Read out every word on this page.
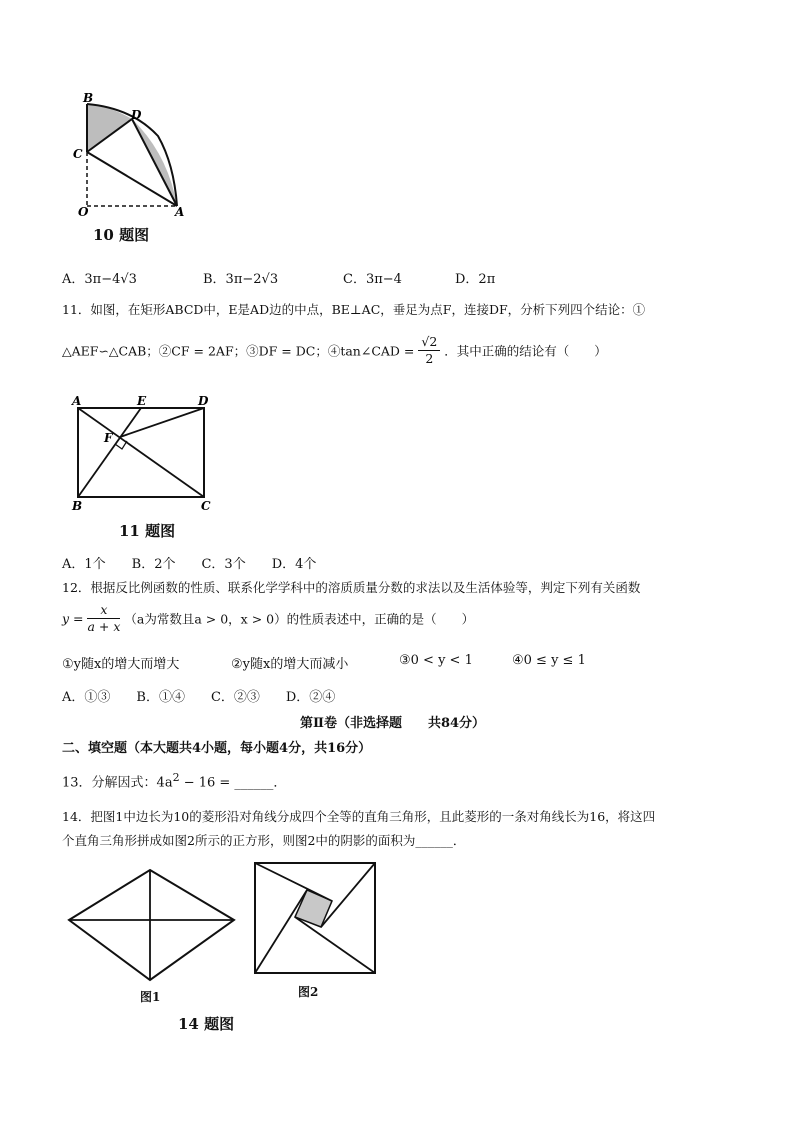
B
D
C
O	A
10 题图
A．3π−4√3	B．3π−2√3	C．3π−4	D．2π
11．如图，在矩形ABCD中，E是AD边的中点，BE⊥AC，垂足为点F，连接DF，分析下列四个结论：①
△AEF∽△CAB；②CF = 2AF；③DF = DC；④tan∠CAD = $\frac{√2}{2}$ ．其中正确的结论有（　　）
A	E	D
F
B	C
11 题图
A．1个　　B．2个　　C．3个　　D．4个
12．根据反比例函数的性质、联系化学学科中的溶质质量分数的求法以及生活体验等，判定下列有关函数
$y = \frac{x}{a + x} (a$为常数且a > 0，x > 0）的性质表述中，正确的是（　　）
①y随x的增大而增大	②y随x的增大而减小	③0 < y < 1	④0 ≤ y ≤ 1
A．①③　　B．①④　　C．②③　　D．②④
第Ⅱ卷（非选择题　　共84分）
二、填空题（本大题共4小题，每小题4分，共16分）
13．分解因式：$4a^2 - 16$ = ______．
14．把图1中边长为10的菱形沿对角线分成四个全等的直角三角形，且此菱形的一条对角线长为16，将这四
个直角三角形拼成如图2所示的正方形，则图2中的阴影的面积为______．
图1	图2
14 题图
